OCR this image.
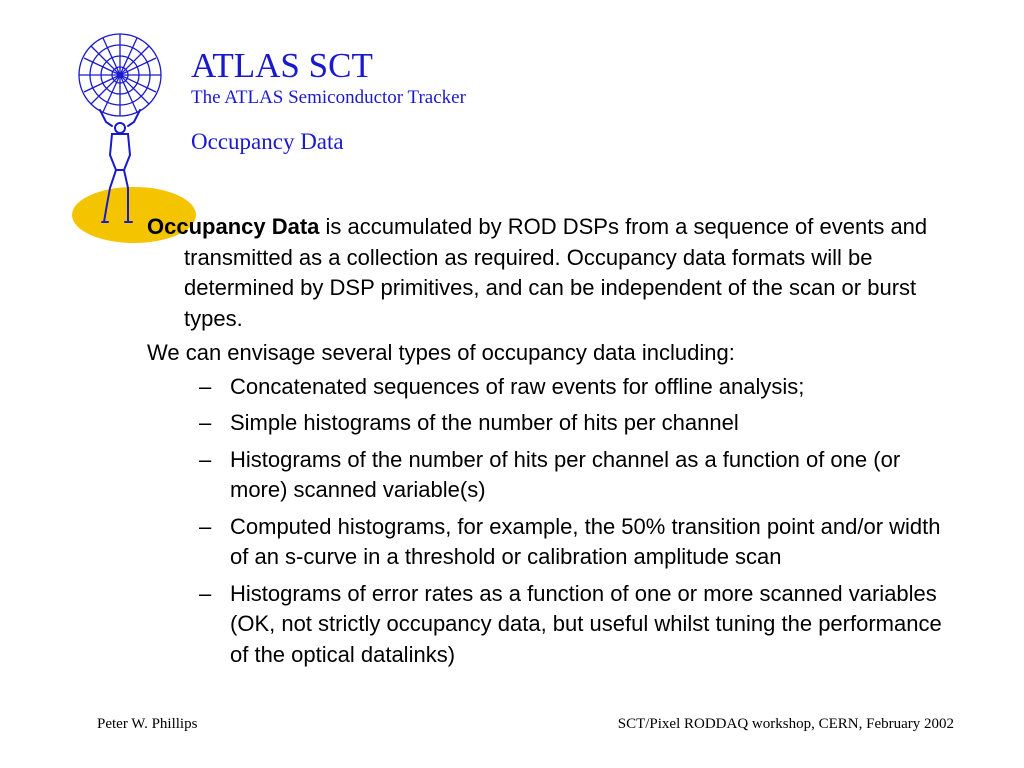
ATLAS SCT
The ATLAS Semiconductor Tracker
Occupancy Data
Occupancy Data is accumulated by ROD DSPs from a sequence of events and transmitted as a collection as required. Occupancy data formats will be determined by DSP primitives, and can be independent of the scan or burst types.
We can envisage several types of occupancy data including:
– Concatenated sequences of raw events for offline analysis;
– Simple histograms of the number of hits per channel
– Histograms of the number of hits per channel as a function of one (or more) scanned variable(s)
– Computed histograms, for example, the 50% transition point and/or width of an s-curve in a threshold or calibration amplitude scan
– Histograms of error rates as a function of one or more scanned variables (OK, not strictly occupancy data, but useful whilst tuning the performance of the optical datalinks)
Peter W. Phillips	SCT/Pixel RODDAQ workshop, CERN, February 2002
